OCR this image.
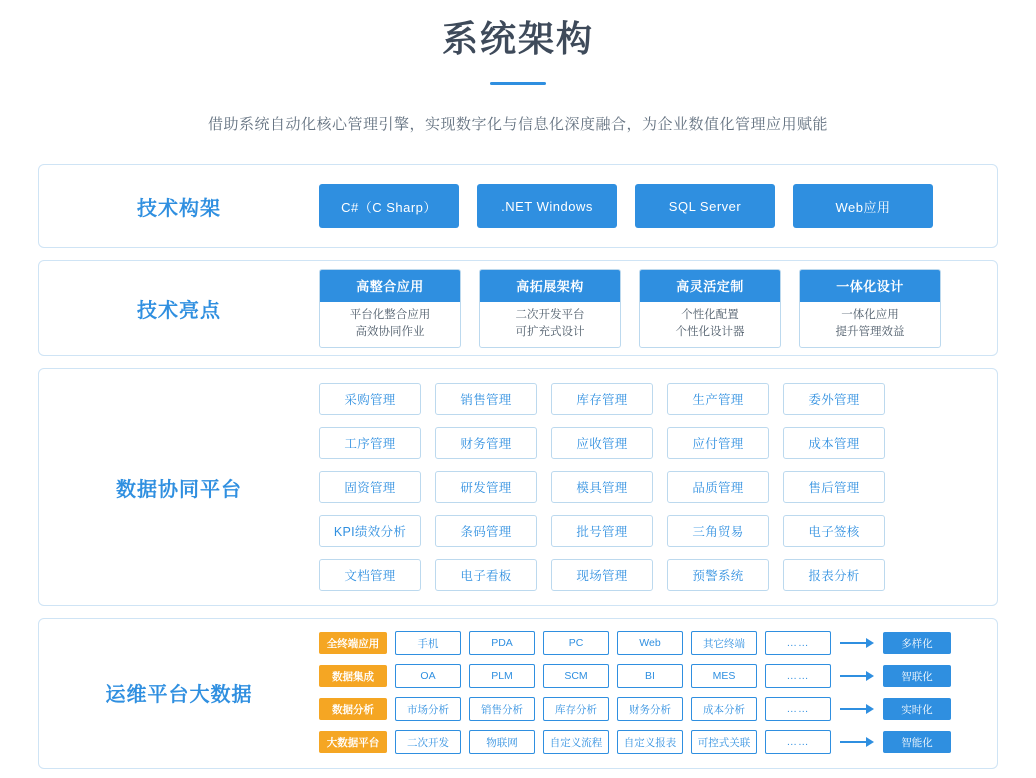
系统架构
借助系统自动化核心管理引擎，实现数字化与信息化深度融合，为企业数值化管理应用赋能
技术构架	C#（C Sharp）	.NET Windows	SQL Server	Web应用
技术亮点
高整合应用
平台化整合应用
高效协同作业
高拓展架构
二次开发平台
可扩充式设计
高灵活定制
个性化配置
个性化设计器
一体化设计
一体化应用
提升管理效益
数据协同平台
采购管理	销售管理	库存管理	生产管理	委外管理
工序管理	财务管理	应收管理	应付管理	成本管理
固资管理	研发管理	模具管理	品质管理	售后管理
KPI绩效分析	条码管理	批号管理	三角贸易	电子签核
文档管理	电子看板	现场管理	预警系统	报表分析
运维平台大数据
全终端应用	手机	PDA	PC	Web	其它终端	……	多样化
数据集成	OA	PLM	SCM	BI	MES	……	智联化
数据分析	市场分析	销售分析	库存分析	财务分析	成本分析	……	实时化
大数据平台	二次开发	物联网	自定义流程	自定义报表	可控式关联	……	智能化
